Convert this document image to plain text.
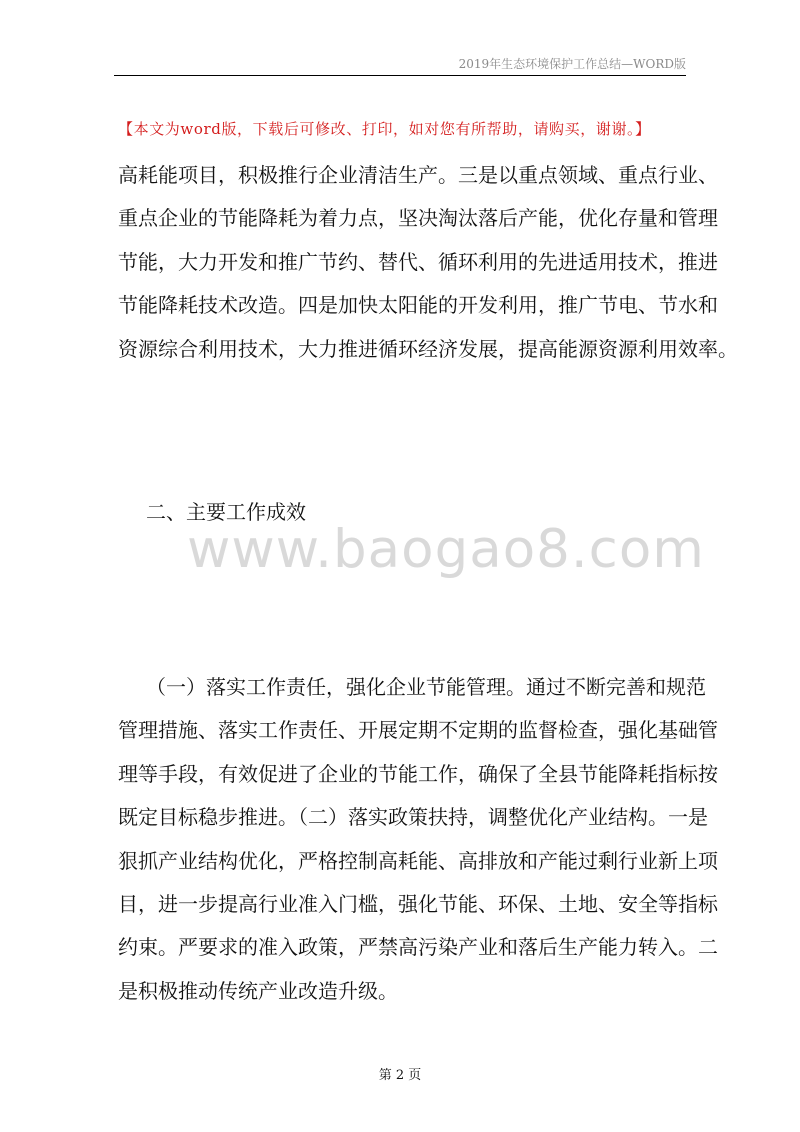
2019年生态环境保护工作总结—WORD版
【本文为word版，下载后可修改、打印，如对您有所帮助，请购买，谢谢。】
高耗能项目，积极推行企业清洁生产。三是以重点领域、重点行业、
重点企业的节能降耗为着力点，坚决淘汰落后产能，优化存量和管理
节能，大力开发和推广节约、替代、循环利用的先进适用技术，推进
节能降耗技术改造。四是加快太阳能的开发利用，推广节电、节水和
资源综合利用技术，大力推进循环经济发展，提高能源资源利用效率。
二、主要工作成效
www.baogao8.com
（一）落实工作责任，强化企业节能管理。通过不断完善和规范
管理措施、落实工作责任、开展定期不定期的监督检查，强化基础管
理等手段，有效促进了企业的节能工作，确保了全县节能降耗指标按
既定目标稳步推进。（二）落实政策扶持，调整优化产业结构。一是
狠抓产业结构优化，严格控制高耗能、高排放和产能过剩行业新上项
目，进一步提高行业准入门槛，强化节能、环保、土地、安全等指标
约束。严要求的准入政策，严禁高污染产业和落后生产能力转入。二
是积极推动传统产业改造升级。
第 2 页
